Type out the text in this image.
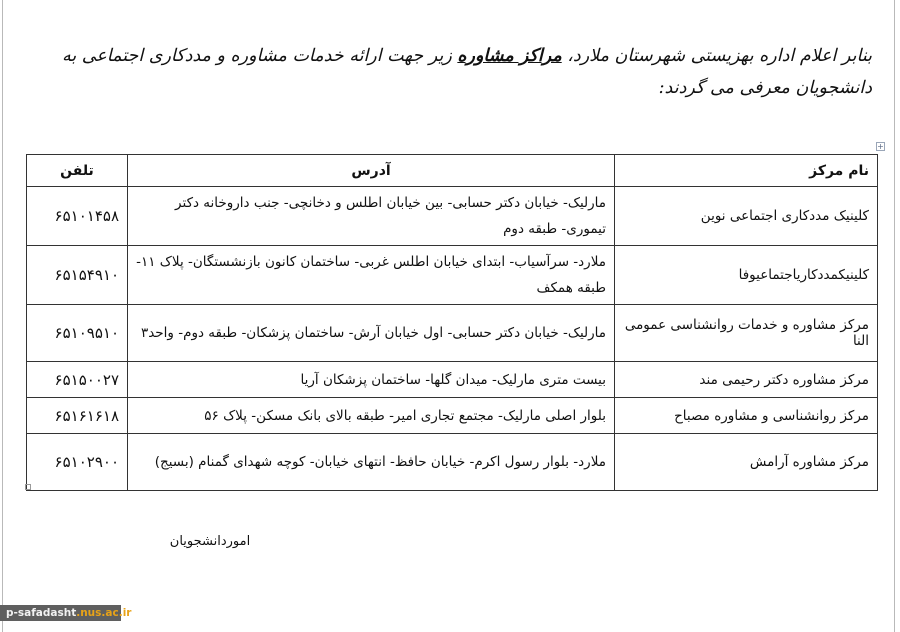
بنابر اعلام اداره بهزیستی شهرستان ملارد، مراکز مشاوره زیر جهت ارائه خدمات مشاوره و مددکاری اجتماعی به دانشجویان معرفی می گردند:
+
نام مرکز	آدرس	تلفن
کلینیک مددکاری اجتماعی نوین	مارلیک- خیابان دکتر حسابی- بین خیابان اطلس و دخانچی- جنب داروخانه دکتر تیموری- طبقه دوم	۶۵۱۰۱۴۵۸
کلینیکمددکاریاجتماعیوفا	ملارد- سرآسیاب- ابتدای خیابان اطلس غربی- ساختمان کانون بازنشستگان- پلاک ۱۱- طبقه همکف	۶۵۱۵۴۹۱۰
مرکز مشاوره و خدمات روانشناسی عمومی النا	مارلیک- خیابان دکتر حسابی- اول خیابان آرش- ساختمان پزشکان- طبقه دوم- واحد۳	۶۵۱۰۹۵۱۰
مرکز مشاوره دکتر رحیمی مند	بیست متری مارلیک- میدان گلها- ساختمان پزشکان آریا	۶۵۱۵۰۰۲۷
مرکز روانشناسی و مشاوره مصباح	بلوار اصلی مارلیک- مجتمع تجاری امیر- طبقه بالای بانک مسکن- پلاک ۵۶	۶۵۱۶۱۶۱۸
مرکز مشاوره آرامش	ملارد- بلوار رسول اکرم- خیابان حافظ- انتهای خیابان- کوچه شهدای گمنام (بسیج)	۶۵۱۰۲۹۰۰
اموردانشجویان
p-safadasht.nus.ac.ir
